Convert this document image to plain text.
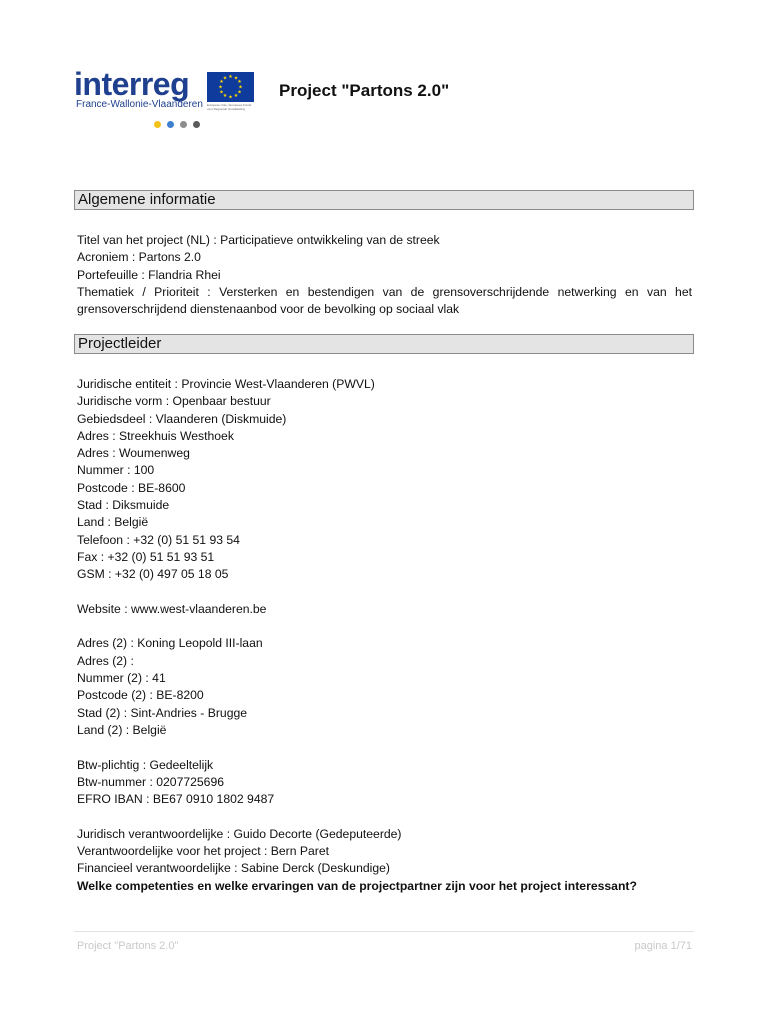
interreg	★ ★
★
★
★
★
★
★
★
★
★
★
Europese Unie | Europees Fonds voor Regionale Ontwikkeling
France-Wallonie-Vlaanderen
Project "Partons 2.0"
Algemene informatie
Titel van het project (NL) : Participatieve ontwikkeling van de streek
Acroniem : Partons 2.0
Portefeuille : Flandria Rhei
Thematiek / Prioriteit : Versterken en bestendigen van de grensoverschrijdende netwerking en van het grensoverschrijdend dienstenaanbod voor de bevolking op sociaal vlak
Projectleider
Juridische entiteit : Provincie West-Vlaanderen (PWVL)
Juridische vorm : Openbaar bestuur
Gebiedsdeel : Vlaanderen (Diskmuide)
Adres : Streekhuis Westhoek
Adres : Woumenweg
Nummer : 100
Postcode : BE-8600
Stad : Diksmuide
Land : België
Telefoon : +32 (0) 51 51 93 54
Fax : +32 (0) 51 51 93 51
GSM : +32 (0) 497 05 18 05
Website : www.west-vlaanderen.be
Adres (2) : Koning Leopold III-laan
Adres (2) :
Nummer (2) : 41
Postcode (2) : BE-8200
Stad (2) : Sint-Andries - Brugge
Land (2) : België
Btw-plichtig : Gedeeltelijk
Btw-nummer : 0207725696
EFRO IBAN : BE67 0910 1802 9487
Juridisch verantwoordelijke : Guido Decorte (Gedeputeerde)
Verantwoordelijke voor het project : Bern Paret
Financieel verantwoordelijke : Sabine Derck (Deskundige)
Welke competenties en welke ervaringen van de projectpartner zijn voor het project interessant?
Project "Partons 2.0"	pagina 1/71
